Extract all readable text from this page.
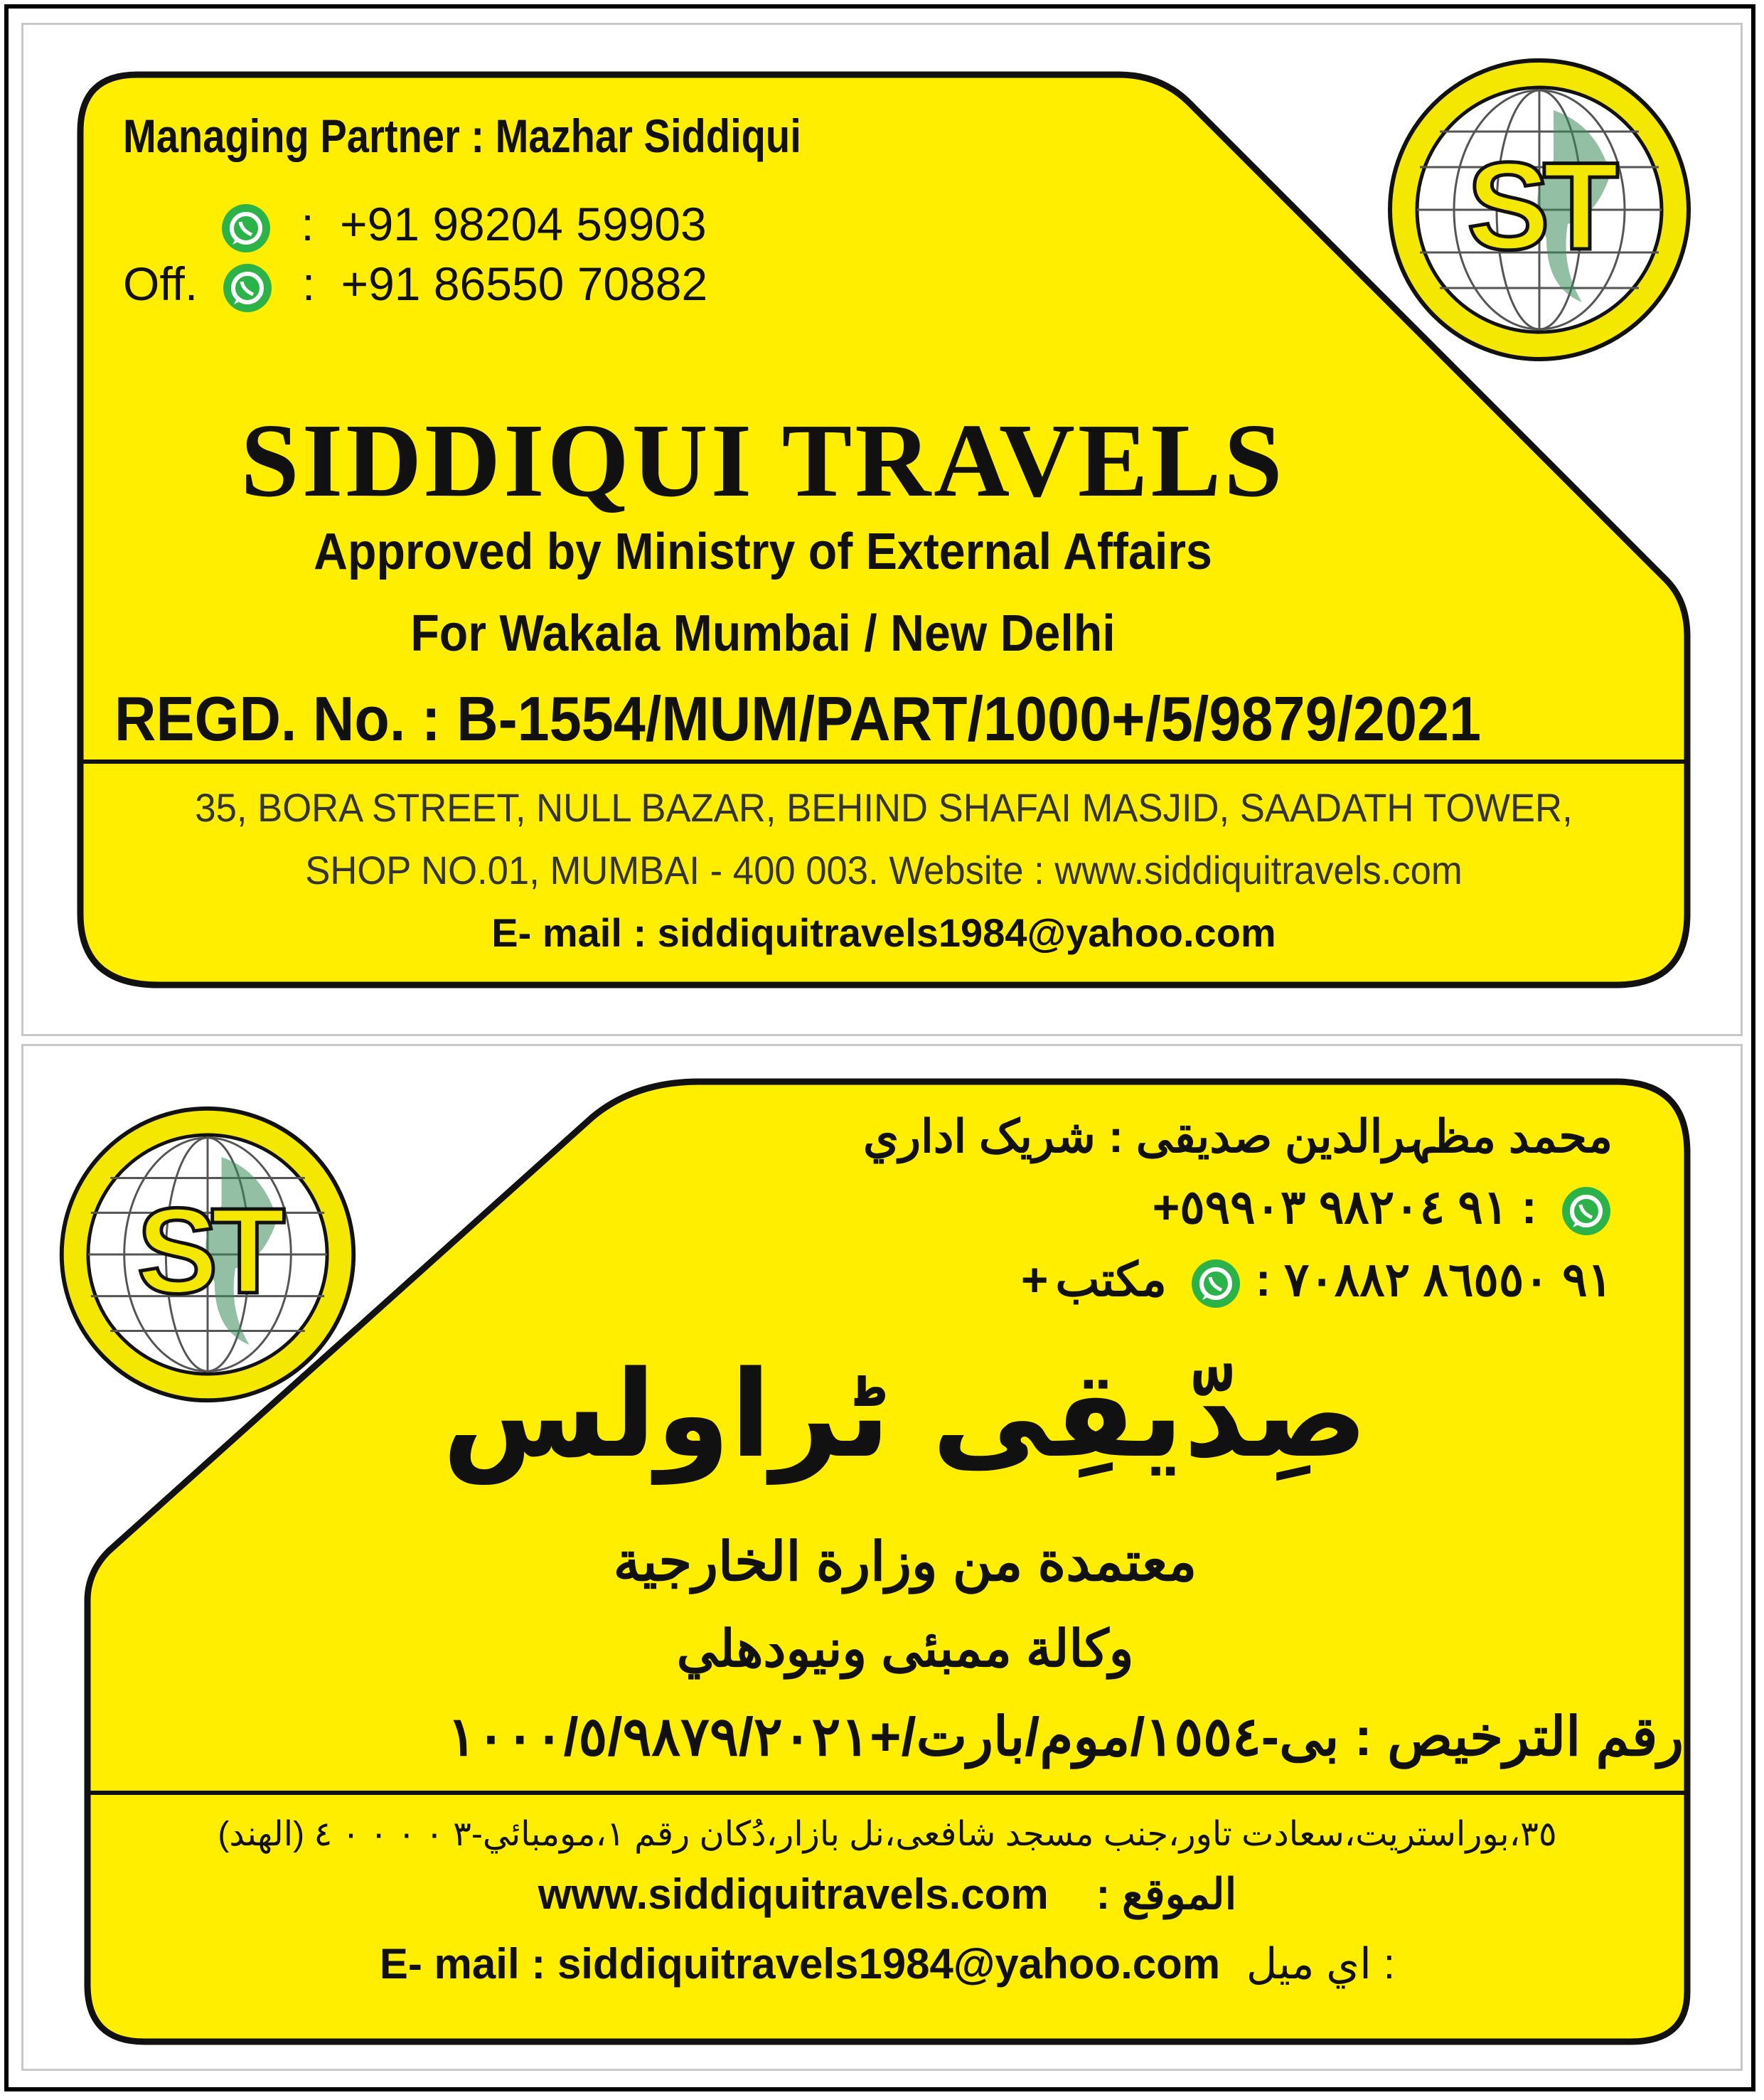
ST
Managing Partner : Mazhar Siddiqui
: +91 98204 59903
Off. : +91 86550 70882
SIDDIQUI TRAVELS
Approved by Ministry of External Affairs
For Wakala Mumbai / New Delhi
REGD. No. : B-1554/MUM/PART/1000+/5/9879/2021
35, BORA STREET, NULL BAZAR, BEHIND SHAFAI MASJID, SAADATH TOWER,
SHOP NO.01, MUMBAI - 400 003. Website : www.siddiquitravels.com
E- mail : siddiquitravels1984@yahoo.com
ST
محمد مظہرالدین صدیقی : شریک اداري
+٩١ ٩٨٢٠٤ ٥٩٩٠٣ :
+٩١ ٨٦٥٥٠ ٧٠٨٨٢ :  مکتب
صِدّیقِی ٹراولس
معتمدة من وزارة الخارجية
وكالة ممبئی ونيودهلي
رقم الترخيص : بی-١٥٥٤/موم/بارت/+١٠٠٠/٥/٩٨٧٩/٢٠٢١
٣٥،بوراستریت،سعادت تاور،جنب مسجد شافعی،نل بازار،دُکان رقم ١،مومبائي-٣ ٠ ٠ ٠ ٠ ٤ (الهند)
www.siddiquitravels.com الموقع :
E- mail : siddiquitravels1984@yahoo.com : اي ميل
